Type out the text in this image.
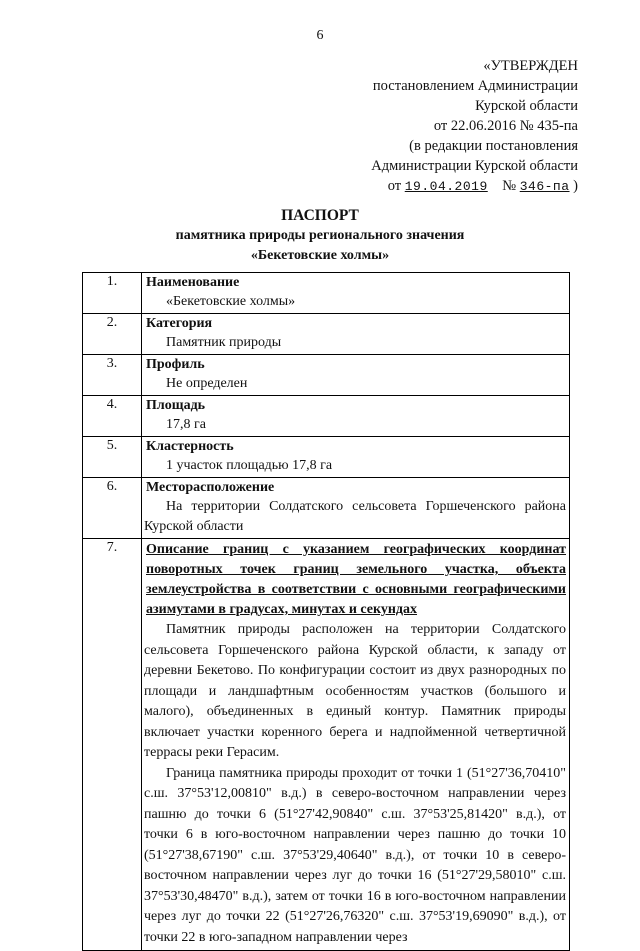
6
«УТВЕРЖДЕН
постановлением Администрации
Курской области
от 22.06.2016 № 435-па
(в редакции постановления
Администрации Курской области
от 19.04.2019 № 346-па )
ПАСПОРТ
памятника природы регионального значения
«Бекетовские холмы»
1.	Наименование
«Бекетовские холмы»

2.	Категория
Памятник природы

3.	Профиль
Не определен

4.	Площадь
17,8 га

5.	Кластерность
1 участок площадью 17,8 га

6.	Месторасположение
На территории Солдатского сельсовета Горшеченского района Курской области

7.	Описание границ с указанием географических координат поворотных точек границ земельного участка, объекта землеустройства в соответствии с основными географическими азимутами в градусах, минутах и секундах
Памятник природы расположен на территории Солдатского сельсовета Горшеченского района Курской области, к западу от деревни Бекетово. По конфигурации состоит из двух разнородных по площади и ландшафтным особенностям участков (большого и малого), объединенных в единый контур. Памятник природы включает участки коренного берега и надпойменной четвертичной террасы реки Герасим.
Граница памятника природы проходит от точки 1 (51°27'36,70410" с.ш. 37°53'12,00810" в.д.) в северо-восточном направлении через пашню до точки 6 (51°27'42,90840" с.ш. 37°53'25,81420" в.д.), от точки 6 в юго-восточном направлении через пашню до точки 10 (51°27'38,67190" с.ш. 37°53'29,40640" в.д.), от точки 10 в северо-восточном направлении через луг до точки 16 (51°27'29,58010" с.ш. 37°53'30,48470" в.д.), затем от точки 16 в юго-восточном направлении через луг до точки 22 (51°27'26,76320" с.ш. 37°53'19,69090" в.д.), от точки 22 в юго-западном направлении через
